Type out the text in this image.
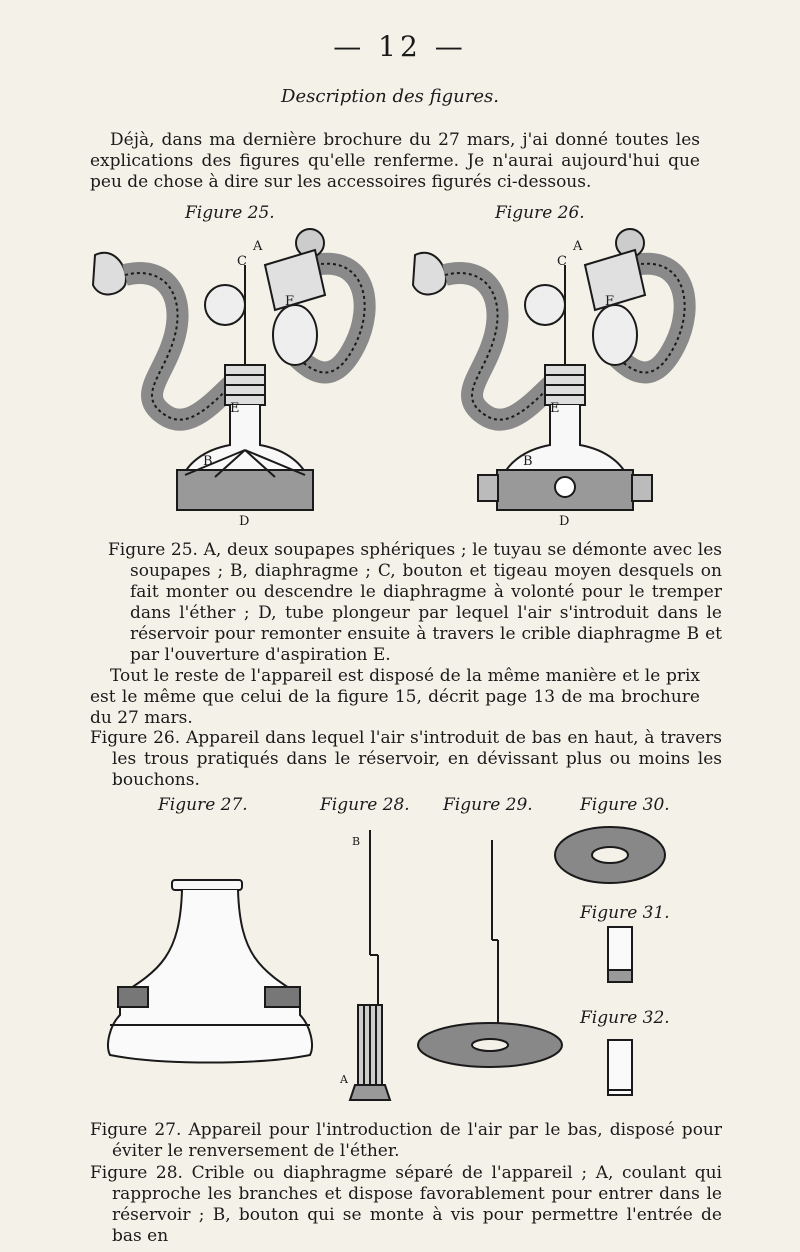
— 12 —
Description des figures.
Déjà, dans ma dernière brochure du 27 mars, j'ai donné toutes les explications des figures qu'elle renferme. Je n'aurai aujourd'hui que peu de chose à dire sur les accessoires figurés ci-dessous.
Figure 25.	Figure 26.
A
C
F
E
B
D
A
C
F
E
B
D
Figure 25. A, deux soupapes sphériques ; le tuyau se démonte avec les soupapes ; B, diaphragme ; C, bouton et tigeau moyen desquels on fait monter ou descendre le diaphragme à volonté pour le tremper dans l'éther ; D, tube plongeur par lequel l'air s'introduit dans le réservoir pour remonter ensuite à travers le crible diaphragme B et par l'ouverture d'aspiration E.
Tout le reste de l'appareil est disposé de la même manière et le prix est le même que celui de la figure 15, décrit page 13 de ma brochure du 27 mars.
Figure 26. Appareil dans lequel l'air s'introduit de bas en haut, à travers les trous pratiqués dans le réservoir, en dévissant plus ou moins les bouchons.
Figure 27.	Figure 28. Figure 29.	Figure 30.
Figure 31.
Figure 32.
B
A
Figure 27. Appareil pour l'introduction de l'air par le bas, disposé pour éviter le renversement de l'éther.
Figure 28. Crible ou diaphragme séparé de l'appareil ; A, coulant qui rapproche les branches et dispose favorablement pour entrer dans le réservoir ; B, bouton qui se monte à vis pour permettre l'entrée de bas en
